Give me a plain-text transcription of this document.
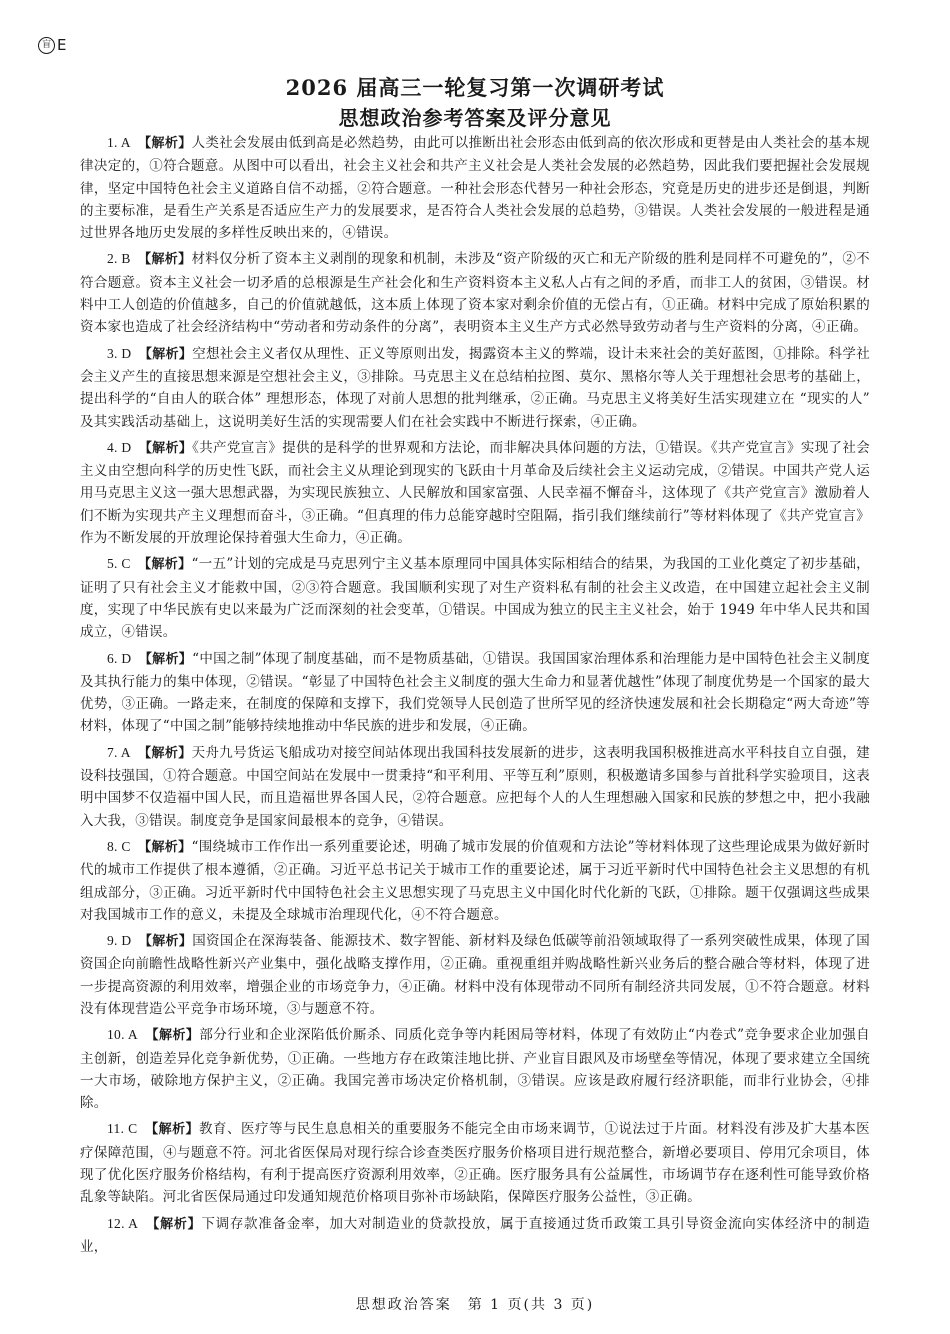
盲 E
2026 届高三一轮复习第一次调研考试
思想政治参考答案及评分意见

1. A　 【解析】人类社会发展由低到高是必然趋势，由此可以推断出社会形态由低到高的依次形成和更替是由人类社会的基本规律决定的，①符合题意。从图中可以看出，社会主义社会和共产主义社会是人类社会发展的必然趋势，因此我们要把握社会发展规律，坚定中国特色社会主义道路自信不动摇，②符合题意。一种社会形态代替另一种社会形态，究竟是历史的进步还是倒退，判断的主要标准，是看生产关系是否适应生产力的发展要求，是否符合人类社会发展的总趋势，③错误。人类社会发展的一般进程是通过世界各地历史发展的多样性反映出来的，④错误。

2. B　 【解析】材料仅分析了资本主义剥削的现象和机制，未涉及“资产阶级的灭亡和无产阶级的胜利是同样不可避免的”，②不符合题意。资本主义社会一切矛盾的总根源是生产社会化和生产资料资本主义私人占有之间的矛盾，而非工人的贫困，③错误。材料中工人创造的价值越多，自己的价值就越低，这本质上体现了资本家对剩余价值的无偿占有，①正确。材料中完成了原始积累的资本家也造成了社会经济结构中“劳动者和劳动条件的分离”，表明资本主义生产方式必然导致劳动者与生产资料的分离，④正确。

3. D　 【解析】空想社会主义者仅从理性、正义等原则出发，揭露资本主义的弊端，设计未来社会的美好蓝图，①排除。科学社会主义产生的直接思想来源是空想社会主义，③排除。马克思主义在总结柏拉图、莫尔、黑格尔等人关于理想社会思考的基础上，提出科学的“自由人的联合体” 理想形态，体现了对前人思想的批判继承，②正确。马克思主义将美好生活实现建立在 “现实的人” 及其实践活动基础上，这说明美好生活的实现需要人们在社会实践中不断进行探索，④正确。

4. D　 【解析】《共产党宣言》提供的是科学的世界观和方法论，而非解决具体问题的方法，①错误。《共产党宣言》实现了社会主义由空想向科学的历史性飞跃，而社会主义从理论到现实的飞跃由十月革命及后续社会主义运动完成，②错误。中国共产党人运用马克思主义这一强大思想武器，为实现民族独立、人民解放和国家富强、人民幸福不懈奋斗，这体现了《共产党宣言》激励着人们不断为实现共产主义理想而奋斗，③正确。“但真理的伟力总能穿越时空阻隔，指引我们继续前行”等材料体现了《共产党宣言》作为不断发展的开放理论保持着强大生命力，④正确。

5. C　 【解析】“一五”计划的完成是马克思列宁主义基本原理同中国具体实际相结合的结果，为我国的工业化奠定了初步基础，证明了只有社会主义才能救中国，②③符合题意。我国顺利实现了对生产资料私有制的社会主义改造，在中国建立起社会主义制度，实现了中华民族有史以来最为广泛而深刻的社会变革，①错误。中国成为独立的民主主义社会，始于 1949 年中华人民共和国成立，④错误。

6. D　 【解析】“中国之制”体现了制度基础，而不是物质基础，①错误。我国国家治理体系和治理能力是中国特色社会主义制度及其执行能力的集中体现，②错误。“彰显了中国特色社会主义制度的强大生命力和显著优越性”体现了制度优势是一个国家的最大优势，③正确。一路走来，在制度的保障和支撑下，我们党领导人民创造了世所罕见的经济快速发展和社会长期稳定“两大奇迹”等材料，体现了“中国之制”能够持续地推动中华民族的进步和发展，④正确。

7. A　 【解析】天舟九号货运飞船成功对接空间站体现出我国科技发展新的进步，这表明我国积极推进高水平科技自立自强，建设科技强国，①符合题意。中国空间站在发展中一贯秉持“和平利用、平等互利”原则，积极邀请多国参与首批科学实验项目，这表明中国梦不仅造福中国人民，而且造福世界各国人民，②符合题意。应把每个人的人生理想融入国家和民族的梦想之中，把小我融入大我，③错误。制度竞争是国家间最根本的竞争，④错误。

8. C　 【解析】“围绕城市工作作出一系列重要论述，明确了城市发展的价值观和方法论”等材料体现了这些理论成果为做好新时代的城市工作提供了根本遵循，②正确。习近平总书记关于城市工作的重要论述，属于习近平新时代中国特色社会主义思想的有机组成部分，③正确。习近平新时代中国特色社会主义思想实现了马克思主义中国化时代化新的飞跃，①排除。题干仅强调这些成果对我国城市工作的意义，未提及全球城市治理现代化，④不符合题意。

9. D　 【解析】国资国企在深海装备、能源技术、数字智能、新材料及绿色低碳等前沿领域取得了一系列突破性成果，体现了国资国企向前瞻性战略性新兴产业集中，强化战略支撑作用，②正确。重视重组并购战略性新兴业务后的整合融合等材料，体现了进一步提高资源的利用效率，增强企业的市场竞争力，④正确。材料中没有体现带动不同所有制经济共同发展，①不符合题意。材料没有体现营造公平竞争市场环境，③与题意不符。

10. A　 【解析】部分行业和企业深陷低价厮杀、同质化竞争等内耗困局等材料，体现了有效防止“内卷式”竞争要求企业加强自主创新，创造差异化竞争新优势，①正确。一些地方存在政策洼地比拼、产业盲目跟风及市场壁垒等情况，体现了要求建立全国统一大市场，破除地方保护主义，②正确。我国完善市场决定价格机制，③错误。应该是政府履行经济职能，而非行业协会，④排除。

11. C　 【解析】教育、医疗等与民生息息相关的重要服务不能完全由市场来调节，①说法过于片面。材料没有涉及扩大基本医疗保障范围，④与题意不符。河北省医保局对现行综合诊查类医疗服务价格项目进行规范整合，新增必要项目、停用冗余项目，体现了优化医疗服务价格结构，有利于提高医疗资源利用效率，②正确。医疗服务具有公益属性，市场调节存在逐利性可能导致价格乱象等缺陷。河北省医保局通过印发通知规范价格项目弥补市场缺陷，保障医疗服务公益性，③正确。

12. A　 【解析】下调存款准备金率，加大对制造业的贷款投放，属于直接通过货币政策工具引导资金流向实体经济中的制造业，

思想政治答案　第 1 页(共 3 页)
